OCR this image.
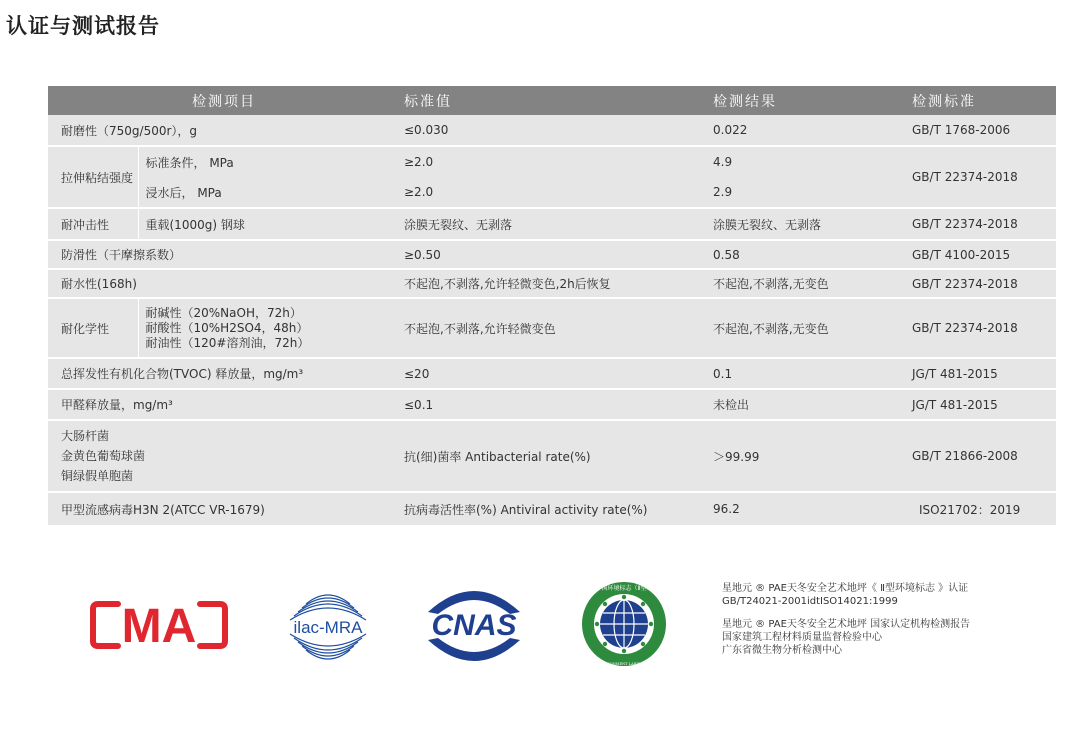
认证与测试报告
检测项目		标准值	检测结果	检测标准
耐磨性（750g/500r），g		≤0.030	0.022	GB/T 1768-2006
拉伸粘结强度	标准条件， MPa	≥2.0	4.9	GB/T 22374-2018
	浸水后， MPa	≥2.0	2.9	
耐冲击性	重载(1000g) 钢球	涂膜无裂纹、无剥落	涂膜无裂纹、无剥落	GB/T 22374-2018
防滑性（干摩擦系数）		≥0.50	0.58	GB/T 4100-2015
耐水性(168h)		不起泡,不剥落,允许轻微变色,2h后恢复	不起泡,不剥落,无变色	GB/T 22374-2018
耐化学性	耐碱性（20%NaOH，72h）
耐酸性（10%H2SO4，48h）
耐油性（120#溶剂油，72h）	不起泡,不剥落,允许轻微变色	不起泡,不剥落,无变色	GB/T 22374-2018
总挥发性有机化合物(TVOC) 释放量，mg/m³		≤20	0.1	JG/T 481-2015
甲醛释放量，mg/m³		≤0.1	未检出	JG/T 481-2015

大肠杆菌
金黄色葡萄球菌
铜绿假单胞菌		抗(细)菌率 Antibacterial rate(%)	＞99.99	GB/T 21866-2008
甲型流感病毒H3N 2(ATCC VR-1679)		抗病毒活性率(%) Antiviral activity rate(%)	96.2	ISO21702：2019
MA	ilac-MRA CNAS
中国环境标志（Ⅱ型）
CHINA ENVIRONMENT LABELLING TYPEII
星地元 ® PAE天冬安全艺术地坪《 Ⅱ型环境标志 》认证
GB/T24021-2001idtISO14021:1999
星地元 ® PAE天冬安全艺术地坪 国家认定机构检测报告
国家建筑工程材料质量监督检验中心
广东省微生物分析检测中心
